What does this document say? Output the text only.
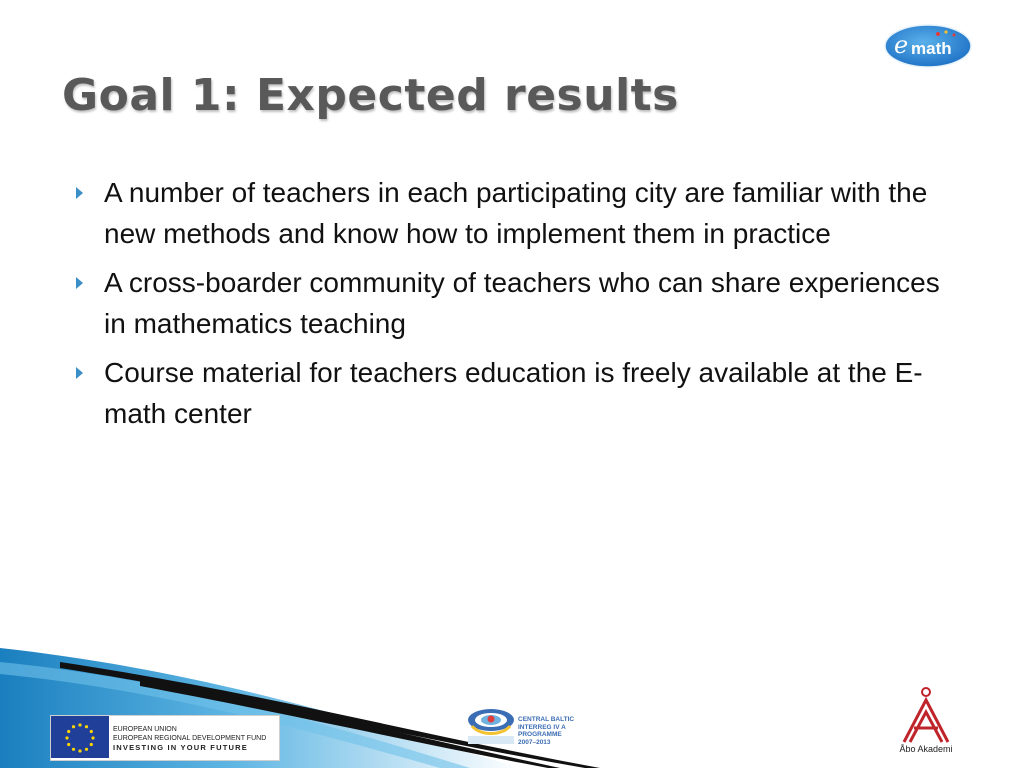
Goal 1: Expected results
e math
A number of teachers in each participating city are familiar with the new methods and know how to implement them in practice
A cross-boarder community of teachers who can share experiences in mathematics teaching
Course material for teachers education is freely available at the E-math center
EUROPEAN UNION
EUROPEAN REGIONAL DEVELOPMENT FUND
INVESTING IN YOUR FUTURE
CENTRAL BALTIC
INTERREG IV A
PROGRAMME
2007–2013
Åbo Akademi
